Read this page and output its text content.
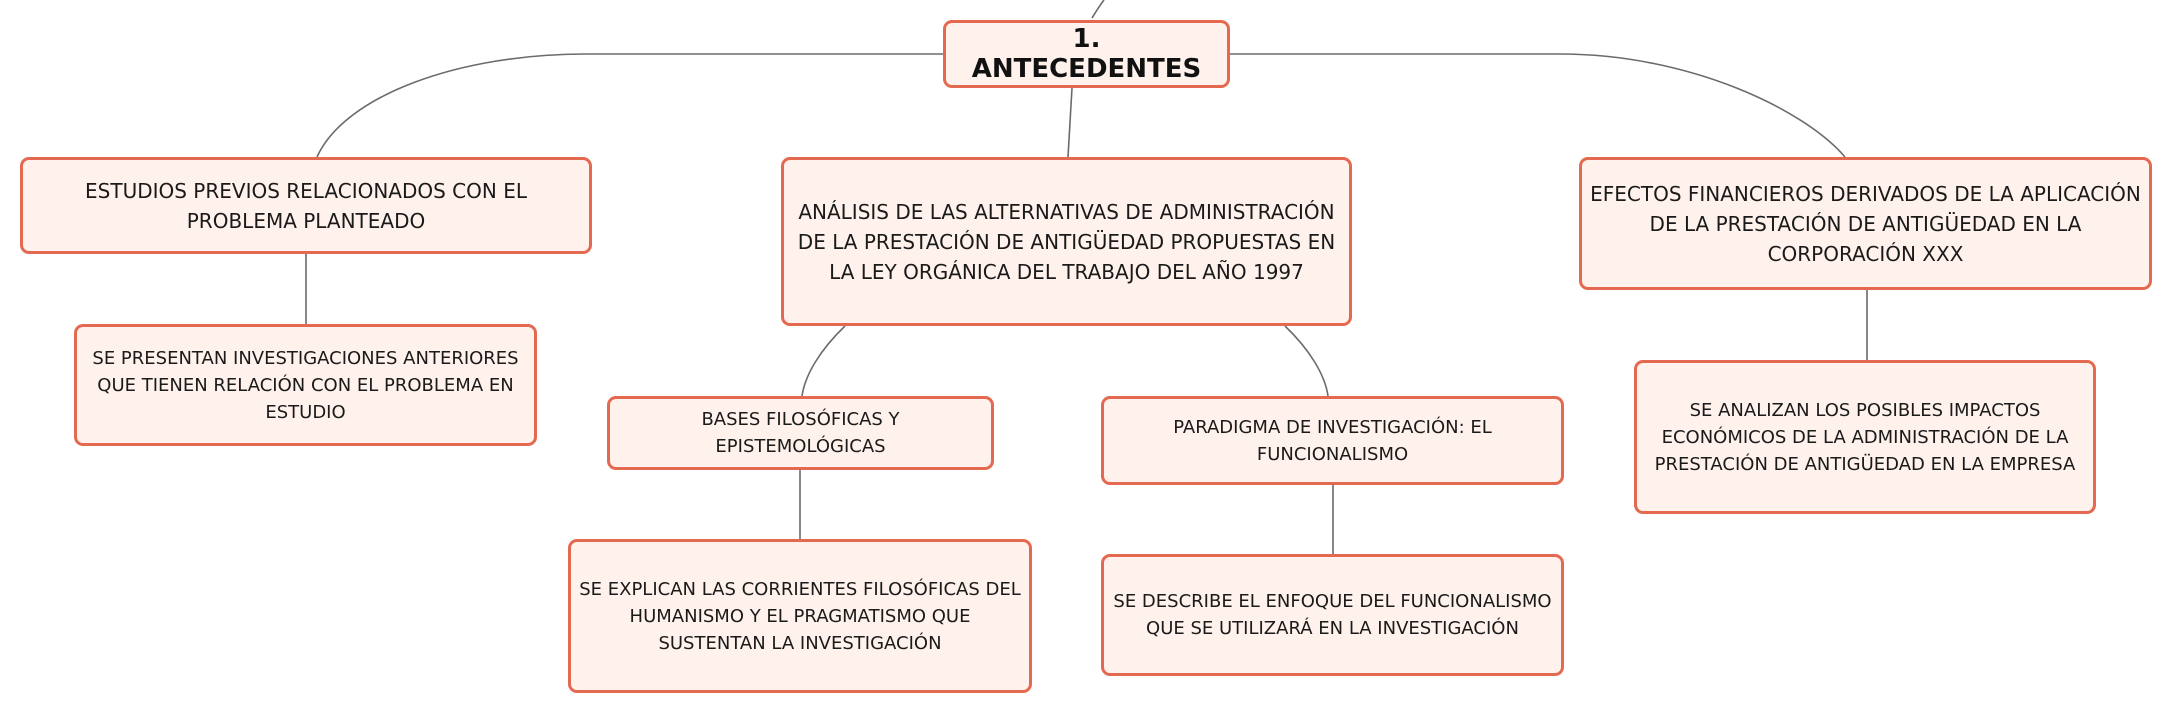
1. ANTECEDENTES
ESTUDIOS PREVIOS RELACIONADOS CON EL PROBLEMA PLANTEADO	ANÁLISIS DE LAS ALTERNATIVAS DE ADMINISTRACIÓN DE LA PRESTACIÓN DE ANTIGÜEDAD PROPUESTAS EN LA LEY ORGÁNICA DEL TRABAJO DEL AÑO 1997
EFECTOS FINANCIEROS DERIVADOS DE LA APLICACIÓN DE LA PRESTACIÓN DE ANTIGÜEDAD EN LA CORPORACIÓN XXX
SE PRESENTAN INVESTIGACIONES ANTERIORES QUE TIENEN RELACIÓN CON EL PROBLEMA EN ESTUDIO	BASES FILOSÓFICAS Y EPISTEMOLÓGICAS
PARADIGMA DE INVESTIGACIÓN: EL FUNCIONALISMO
SE ANALIZAN LOS POSIBLES IMPACTOS ECONÓMICOS DE LA ADMINISTRACIÓN DE LA PRESTACIÓN DE ANTIGÜEDAD EN LA EMPRESA
SE EXPLICAN LAS CORRIENTES FILOSÓFICAS DEL HUMANISMO Y EL PRAGMATISMO QUE SUSTENTAN LA INVESTIGACIÓN
SE DESCRIBE EL ENFOQUE DEL FUNCIONALISMO QUE SE UTILIZARÁ EN LA INVESTIGACIÓN
